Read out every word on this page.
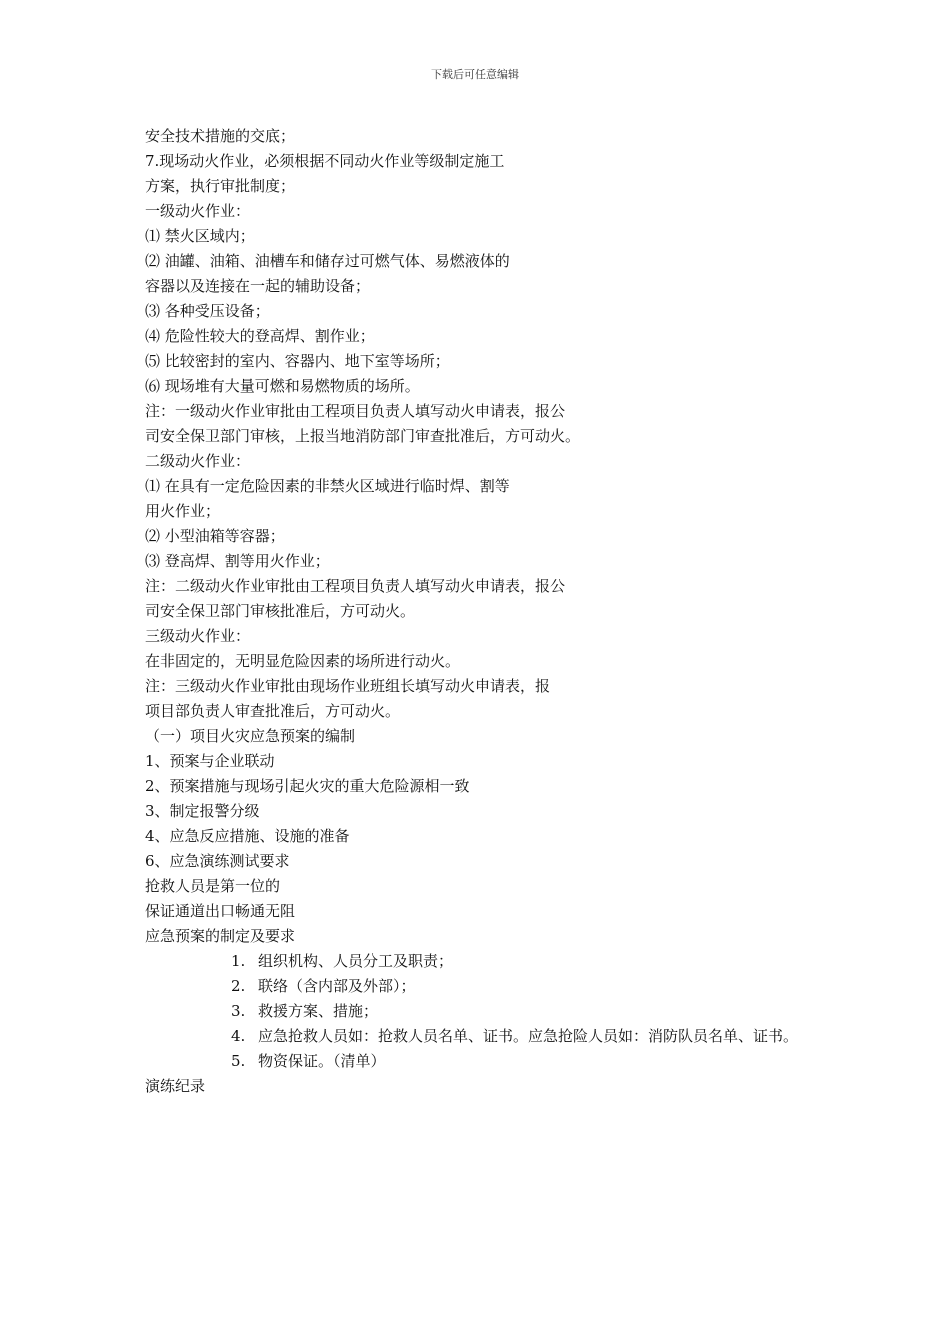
下载后可任意编辑
安全技术措施的交底；
7.现场动火作业，必须根据不同动火作业等级制定施工
方案，执行审批制度；
一级动火作业：
⑴ 禁火区域内；
⑵ 油罐、油箱、油槽车和储存过可燃气体、易燃液体的
容器以及连接在一起的辅助设备；
⑶ 各种受压设备；
⑷ 危险性较大的登高焊、割作业；
⑸ 比较密封的室内、容器内、地下室等场所；
⑹ 现场堆有大量可燃和易燃物质的场所。
注：一级动火作业审批由工程项目负责人填写动火申请表，报公
司安全保卫部门审核，上报当地消防部门审查批准后，方可动火。
二级动火作业：
⑴ 在具有一定危险因素的非禁火区域进行临时焊、割等
用火作业；
⑵ 小型油箱等容器；
⑶ 登高焊、割等用火作业；
注：二级动火作业审批由工程项目负责人填写动火申请表，报公
司安全保卫部门审核批准后，方可动火。
三级动火作业：
在非固定的，无明显危险因素的场所进行动火。
注：三级动火作业审批由现场作业班组长填写动火申请表，报
项目部负责人审查批准后，方可动火。
（一）项目火灾应急预案的编制
1、预案与企业联动
2、预案措施与现场引起火灾的重大危险源相一致
3、制定报警分级
4、应急反应措施、设施的准备
6、应急演练测试要求
抢救人员是第一位的
保证通道出口畅通无阻
应急预案的制定及要求
1. 组织机构、人员分工及职责；
2. 联络（含内部及外部）；
3. 救援方案、措施；
4. 应急抢救人员如：抢救人员名单、证书。应急抢险人员如：消防队员名单、证书。
5. 物资保证。（清单）
演练纪录
